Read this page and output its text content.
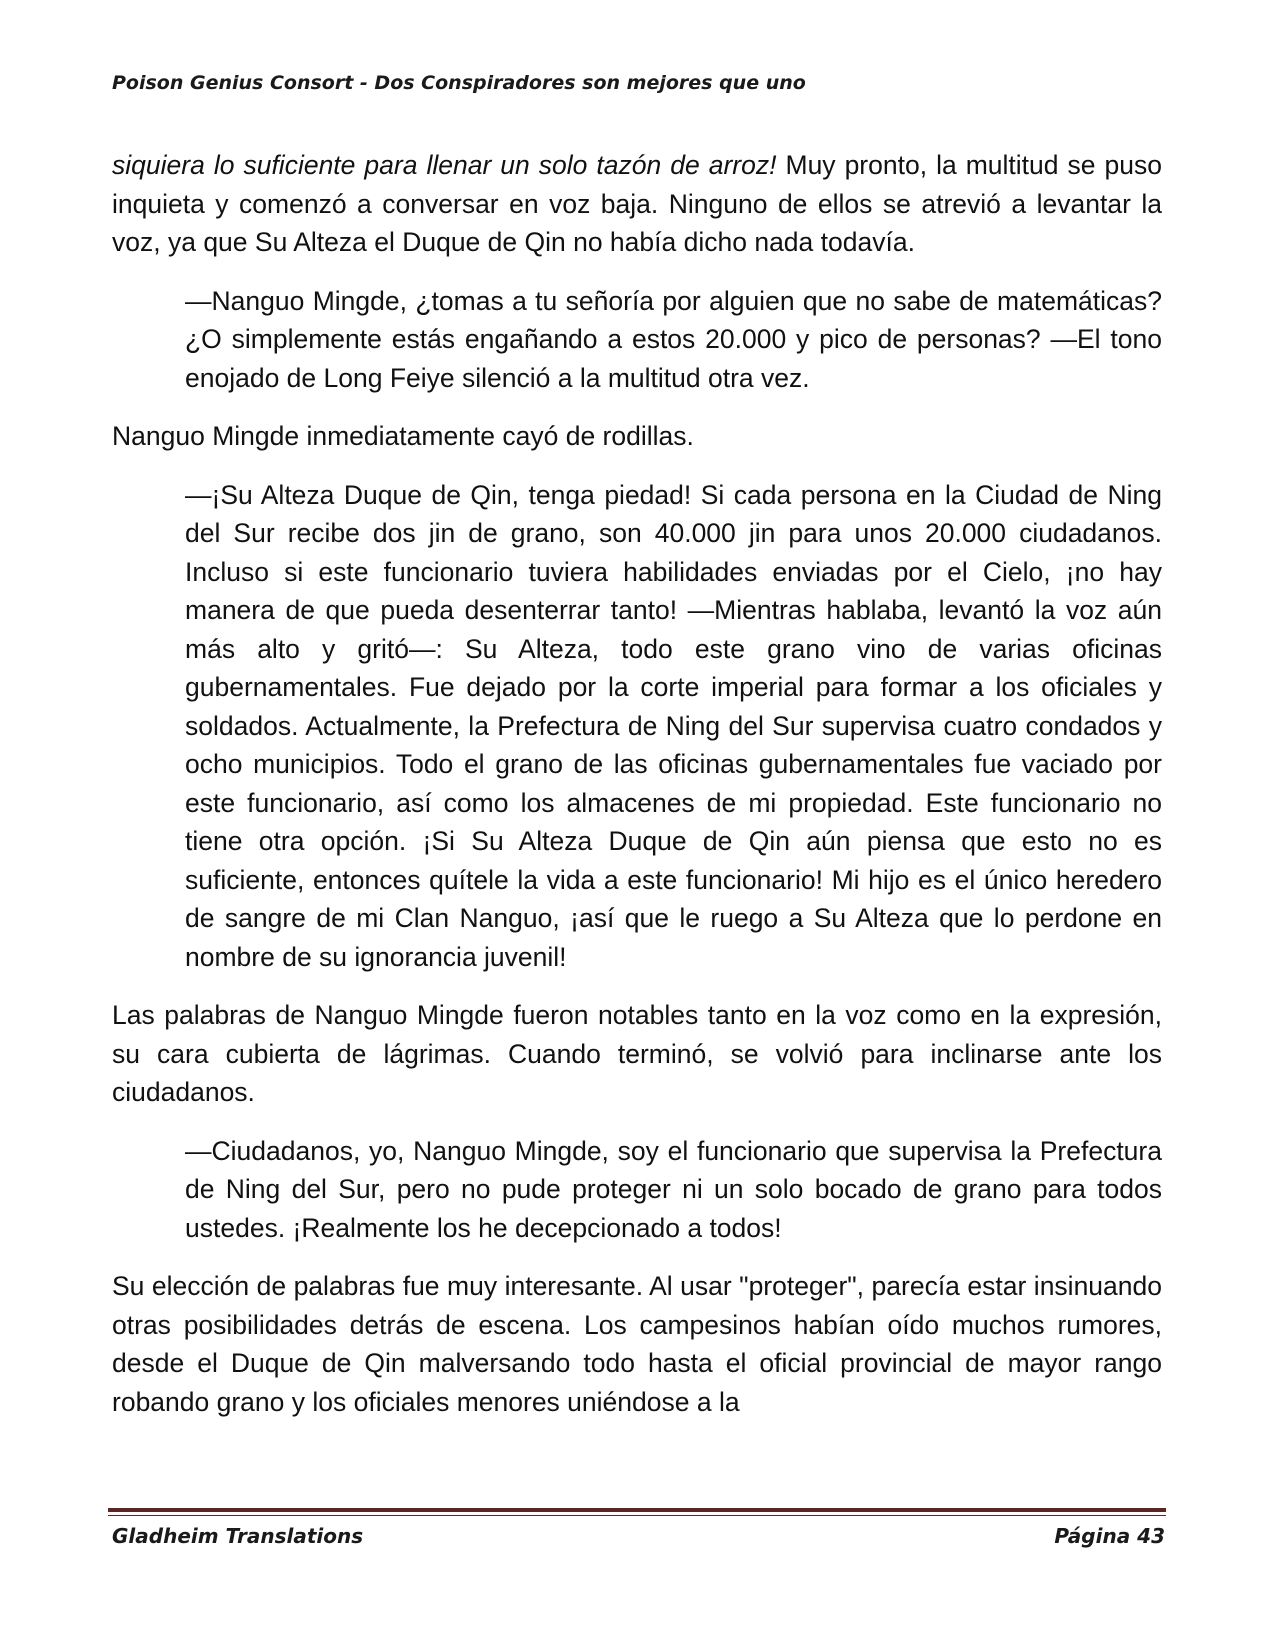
Poison Genius Consort - Dos Conspiradores son mejores que uno

siquiera lo suficiente para llenar un solo tazón de arroz! Muy pronto, la multitud se puso inquieta y comenzó a conversar en voz baja. Ninguno de ellos se atrevió a levantar la voz, ya que Su Alteza el Duque de Qin no había dicho nada todavía.

—Nanguo Mingde, ¿tomas a tu señoría por alguien que no sabe de matemáticas? ¿O simplemente estás engañando a estos 20.000 y pico de personas? —El tono enojado de Long Feiye silenció a la multitud otra vez.

Nanguo Mingde inmediatamente cayó de rodillas.

—¡Su Alteza Duque de Qin, tenga piedad! Si cada persona en la Ciudad de Ning del Sur recibe dos jin de grano, son 40.000 jin para unos 20.000 ciudadanos. Incluso si este funcionario tuviera habilidades enviadas por el Cielo, ¡no hay manera de que pueda desenterrar tanto! —Mientras hablaba, levantó la voz aún más alto y gritó—: Su Alteza, todo este grano vino de varias oficinas gubernamentales. Fue dejado por la corte imperial para formar a los oficiales y soldados. Actualmente, la Prefectura de Ning del Sur supervisa cuatro condados y ocho municipios. Todo el grano de las oficinas gubernamentales fue vaciado por este funcionario, así como los almacenes de mi propiedad. Este funcionario no tiene otra opción. ¡Si Su Alteza Duque de Qin aún piensa que esto no es suficiente, entonces quítele la vida a este funcionario! Mi hijo es el único heredero de sangre de mi Clan Nanguo, ¡así que le ruego a Su Alteza que lo perdone en nombre de su ignorancia juvenil!

Las palabras de Nanguo Mingde fueron notables tanto en la voz como en la expresión, su cara cubierta de lágrimas. Cuando terminó, se volvió para inclinarse ante los ciudadanos.

—Ciudadanos, yo, Nanguo Mingde, soy el funcionario que supervisa la Prefectura de Ning del Sur, pero no pude proteger ni un solo bocado de grano para todos ustedes. ¡Realmente los he decepcionado a todos!

Su elección de palabras fue muy interesante. Al usar "proteger", parecía estar insinuando otras posibilidades detrás de escena. Los campesinos habían oído muchos rumores, desde el Duque de Qin malversando todo hasta el oficial provincial de mayor rango robando grano y los oficiales menores uniéndose a la

Gladheim Translations	Página 43
